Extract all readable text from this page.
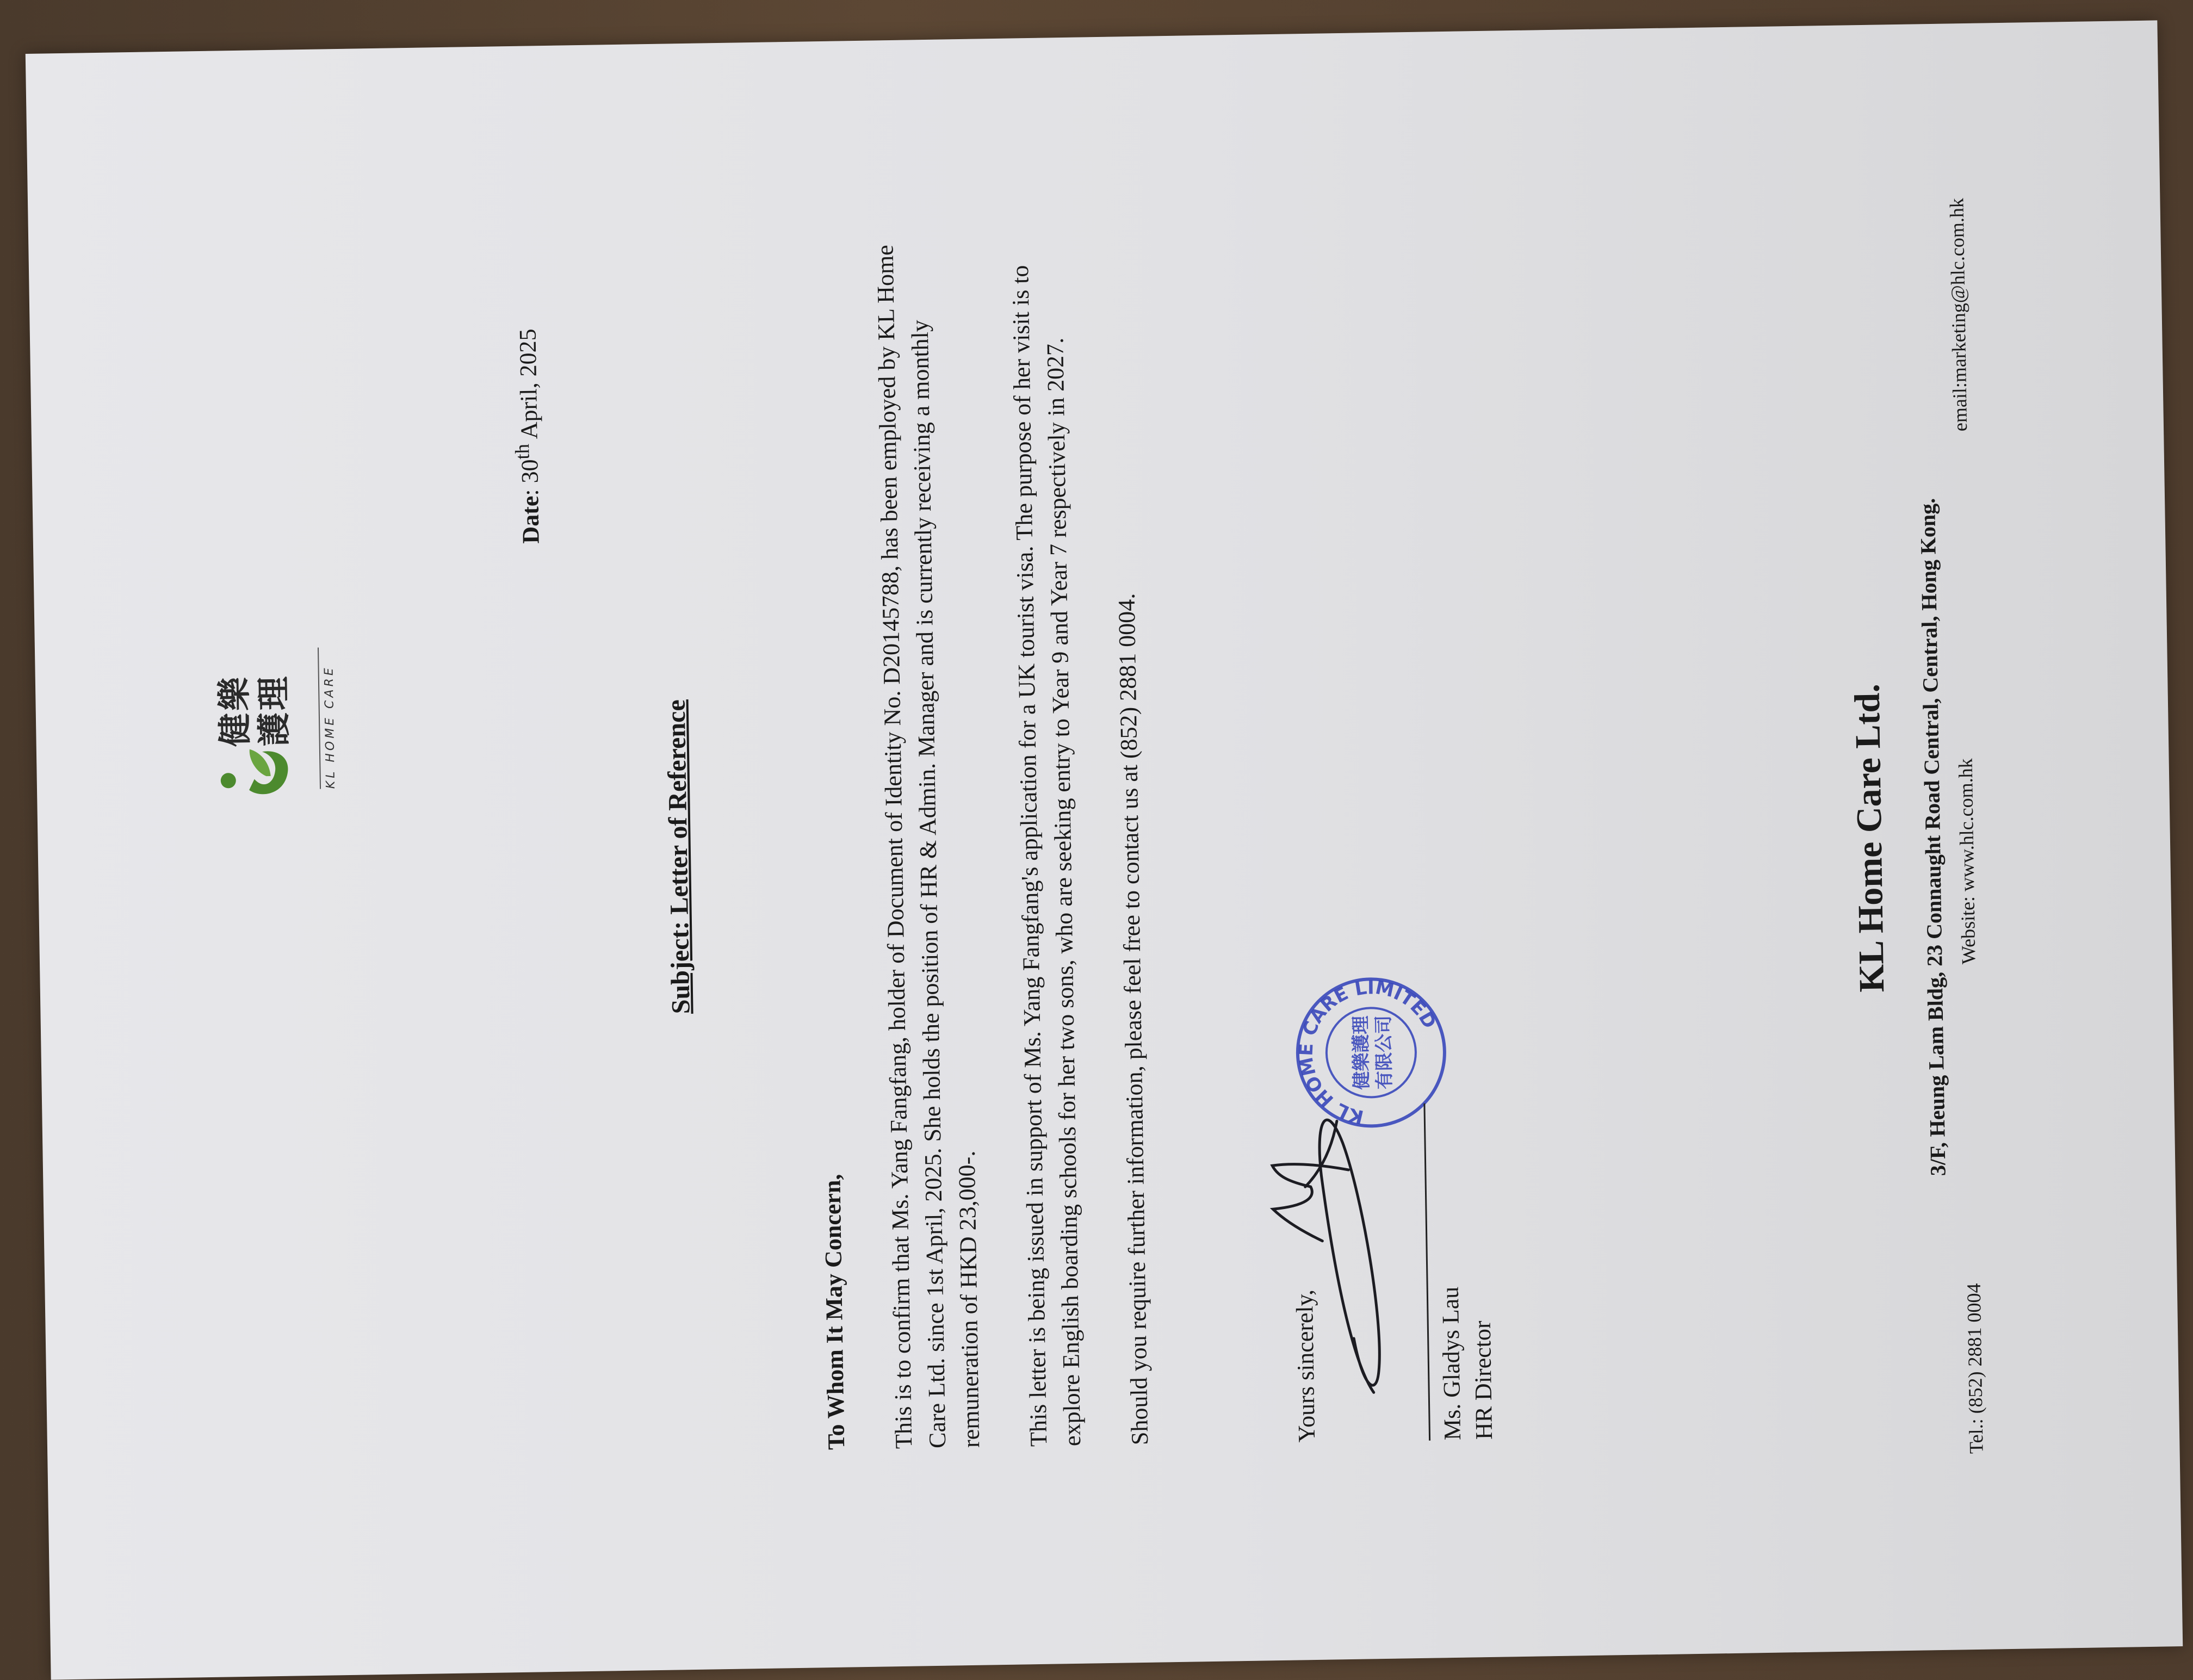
健樂
護理	KL HOME CARE
Date: 30th April, 2025
Subject: Letter of Reference
To Whom It May Concern, This is to confirm that Ms. Yang Fangfang, holder of Document of Identity No. D20145788, has been employed by KL Home Care Ltd. since 1st April, 2025. She holds the position of HR & Admin. Manager and is currently receiving a monthly remuneration of HKD 23,000-. This letter is being issued in support of Ms. Yang Fangfang's application for a UK tourist visa. The purpose of her visit is to explore English boarding schools for her two sons, who are seeking entry to Year 9 and Year 7 respectively in 2027.	Should you require further information, please feel free to contact us at (852) 2881 0004.	Yours sincerely,
KL HOME CARE LIMITED
健樂護理 有限公司
Ms. Gladys Lau HR Director
KL Home Care Ltd.	3/F, Heung Lam Bldg, 23 Connaught Road Central, Central, Hong Kong.
Tel.: (852) 2881 0004
Website: www.hlc.com.hk
email:marketing@hlc.com.hk
